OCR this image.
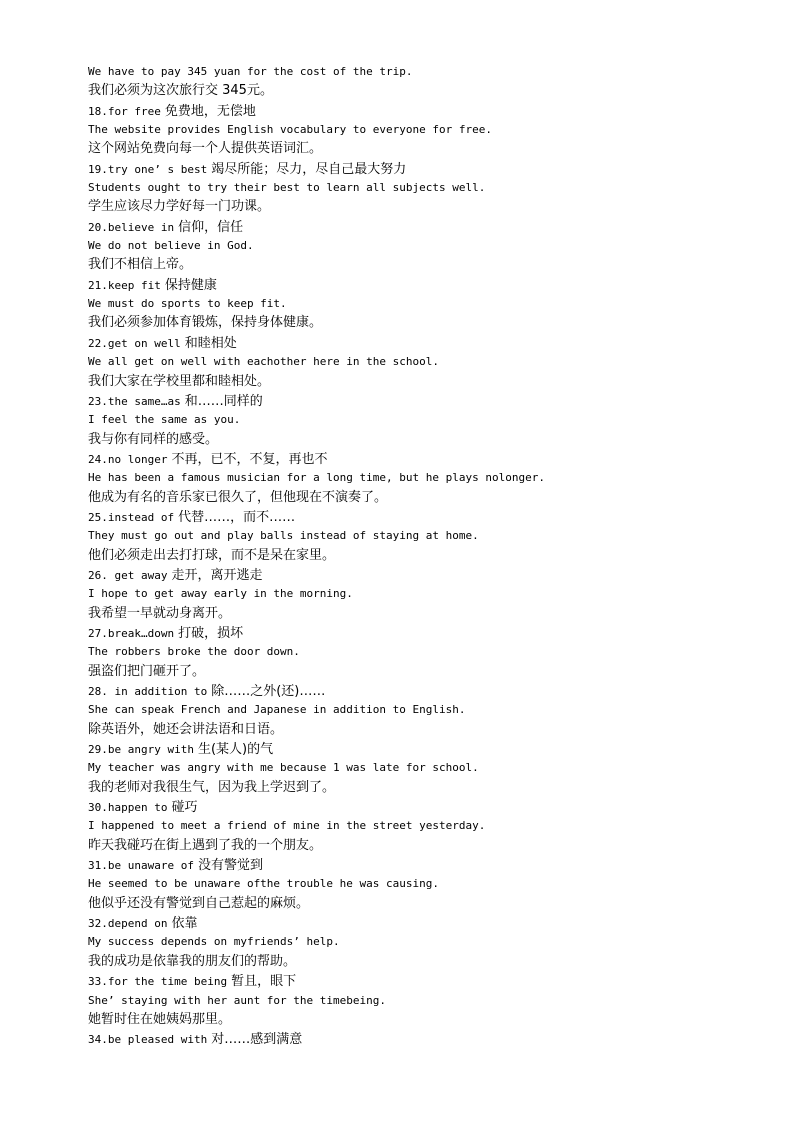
We have to pay 345 yuan for the cost of the trip.
我们必须为这次旅行交 345元。
18.for free 免费地，无偿地
The website provides English vocabulary to everyone for free.
这个网站免费向每一个人提供英语词汇。
19.try one’ s best 竭尽所能；尽力，尽自己最大努力
Students ought to try their best to learn all subjects well.
学生应该尽力学好每一门功课。
20.believe in 信仰，信任
We do not believe in God.
我们不相信上帝。
21.keep fit 保持健康
We must do sports to keep fit.
我们必须参加体育锻炼，保持身体健康。
22.get on well 和睦相处
We all get on well with eachother here in the school.
我们大家在学校里都和睦相处。
23.the same…as 和……同样的
I feel the same as you.
我与你有同样的感受。
24.no longer 不再，已不，不复，再也不
He has been a famous musician for a long time, but he plays nolonger.
他成为有名的音乐家已很久了，但他现在不演奏了。
25.instead of 代替……，而不……
They must go out and play balls instead of staying at home.
他们必须走出去打打球，而不是呆在家里。
26. get away 走开，离开逃走
I hope to get away early in the morning.
我希望一早就动身离开。
27.break…down 打破，损坏
The robbers broke the door down.
强盗们把门砸开了。
28. in addition to 除……之外(还)……
She can speak French and Japanese in addition to English.
除英语外，她还会讲法语和日语。
29.be angry with 生(某人)的气
My teacher was angry with me because 1 was late for school.
我的老师对我很生气，因为我上学迟到了。
30.happen to 碰巧
I happened to meet a friend of mine in the street yesterday.
昨天我碰巧在街上遇到了我的一个朋友。
31.be unaware of 没有警觉到
He seemed to be unaware ofthe trouble he was causing.
他似乎还没有警觉到自己惹起的麻烦。
32.depend on 依靠
My success depends on myfriends’ help.
我的成功是依靠我的朋友们的帮助。
33.for the time being 暂且，眼下
She’ staying with her aunt for the timebeing.
她暂时住在她姨妈那里。
34.be pleased with 对……感到满意
